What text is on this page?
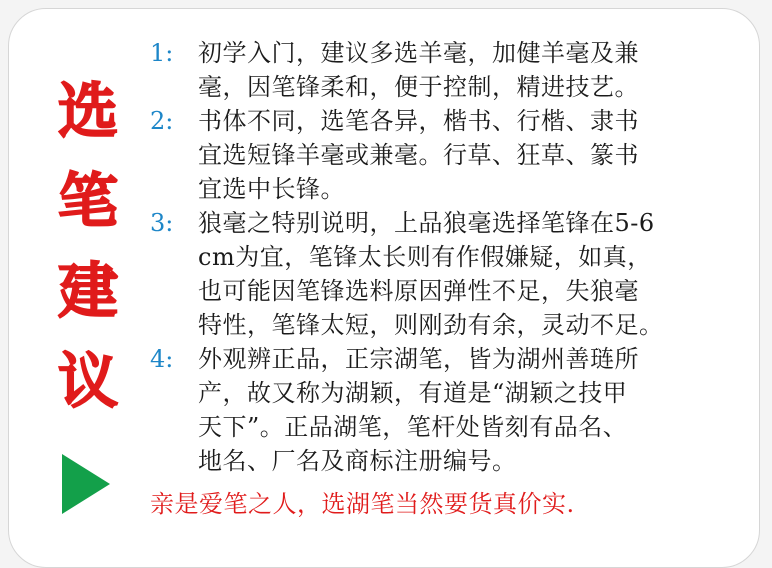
选
笔
建
议
1:	初学入门，建议多选羊毫，加健羊毫及兼
毫，因笔锋柔和，便于控制，精进技艺。
2:	书体不同，选笔各异，楷书、行楷、隶书
宜选短锋羊毫或兼毫。行草、狂草、篆书
宜选中长锋。
3:	狼毫之特别说明，上品狼毫选择笔锋在5-6
cm为宜，笔锋太长则有作假嫌疑，如真，
也可能因笔锋选料原因弹性不足，失狼毫
特性，笔锋太短，则刚劲有余，灵动不足。
4:	外观辨正品，正宗湖笔，皆为湖州善琏所
产，故又称为湖颖，有道是“湖颖之技甲
天下”。正品湖笔，笔杆处皆刻有品名、
地名、厂名及商标注册编号。
亲是爱笔之人，选湖笔当然要货真价实.
